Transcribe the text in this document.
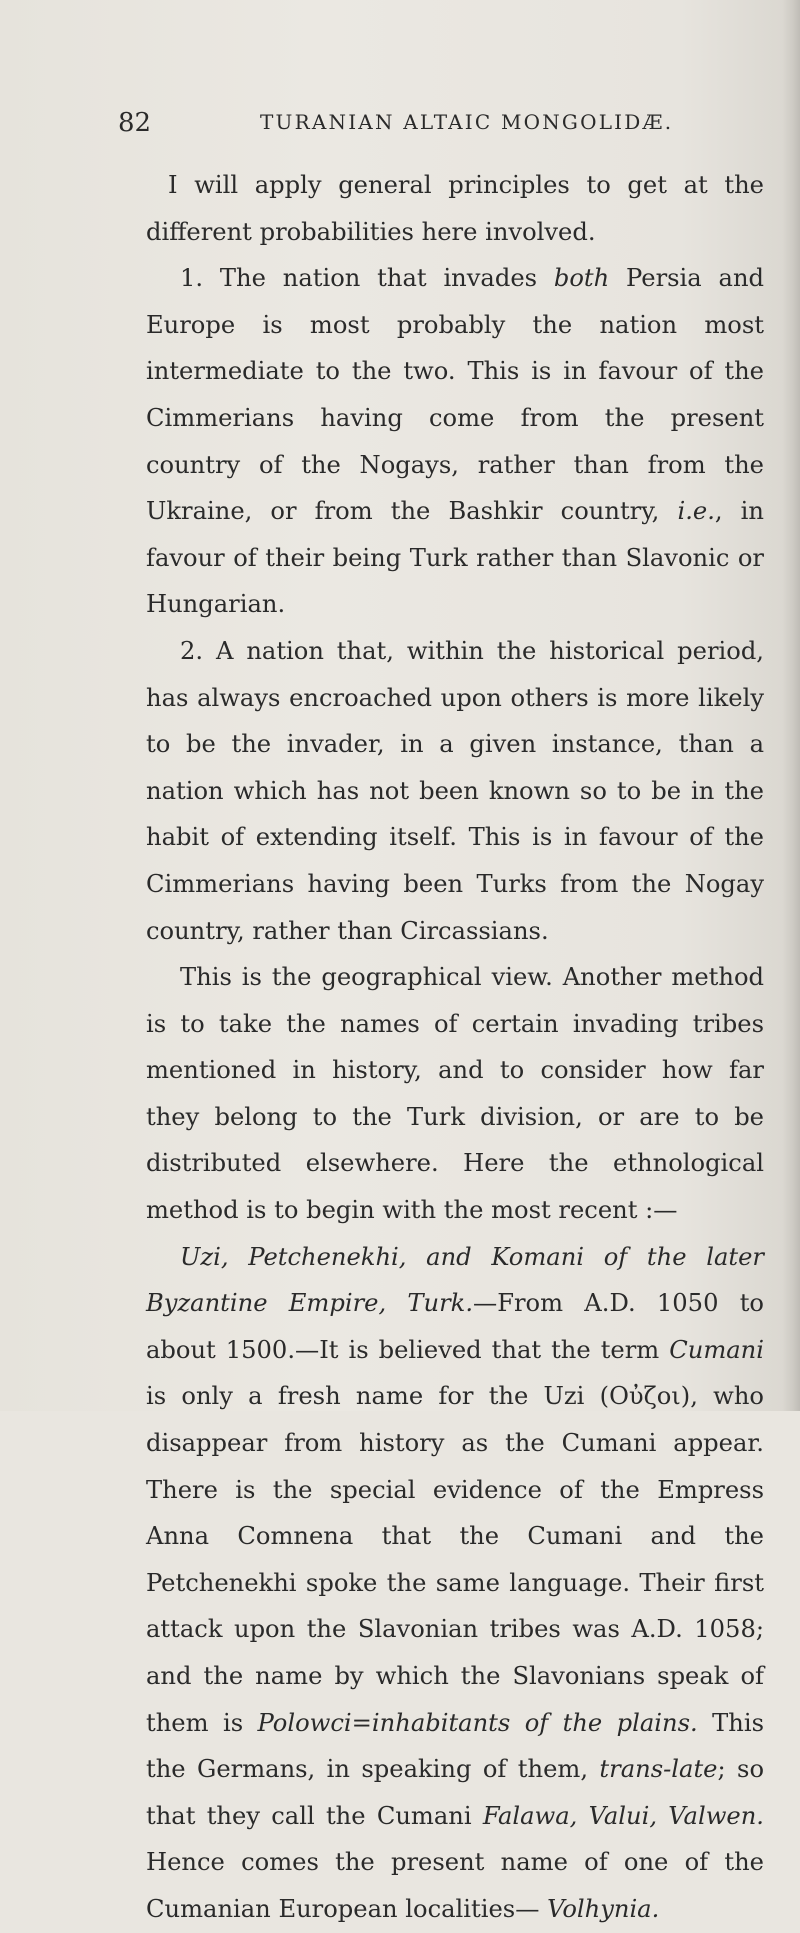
82	TURANIAN ALTAIC MONGOLIDÆ.

I will apply general principles to get at the different probabilities here involved.

1. The nation that invades both Persia and Europe is most probably the nation most intermediate to the two. This is in favour of the Cimmerians having come from the present country of the Nogays, rather than from the Ukraine, or from the Bashkir country, i.e., in favour of their being Turk rather than Slavonic or Hungarian.

2. A nation that, within the historical period, has always encroached upon others is more likely to be the invader, in a given instance, than a nation which has not been known so to be in the habit of extending itself. This is in favour of the Cimmerians having been Turks from the Nogay country, rather than Circassians.

This is the geographical view. Another method is to take the names of certain invading tribes mentioned in history, and to consider how far they belong to the Turk division, or are to be distributed elsewhere. Here the ethnological method is to begin with the most recent :—

Uzi, Petchenekhi, and Komani of the later Byzantine Empire, Turk.—From A.D. 1050 to about 1500.—It is believed that the term Cumani is only a fresh name for the Uzi (Οὐζοι), who disappear from history as the Cumani appear. There is the special evidence of the Empress Anna Comnena that the Cumani and the Petchenekhi spoke the same language. Their first attack upon the Slavonian tribes was A.D. 1058; and the name by which the Slavonians speak of them is Polowci=inhabitants of the plains. This the Germans, in speaking of them, trans-late; so that they call the Cumani Falawa, Valui, Valwen. Hence comes the present name of one of the Cumanian European localities— Volhynia.
